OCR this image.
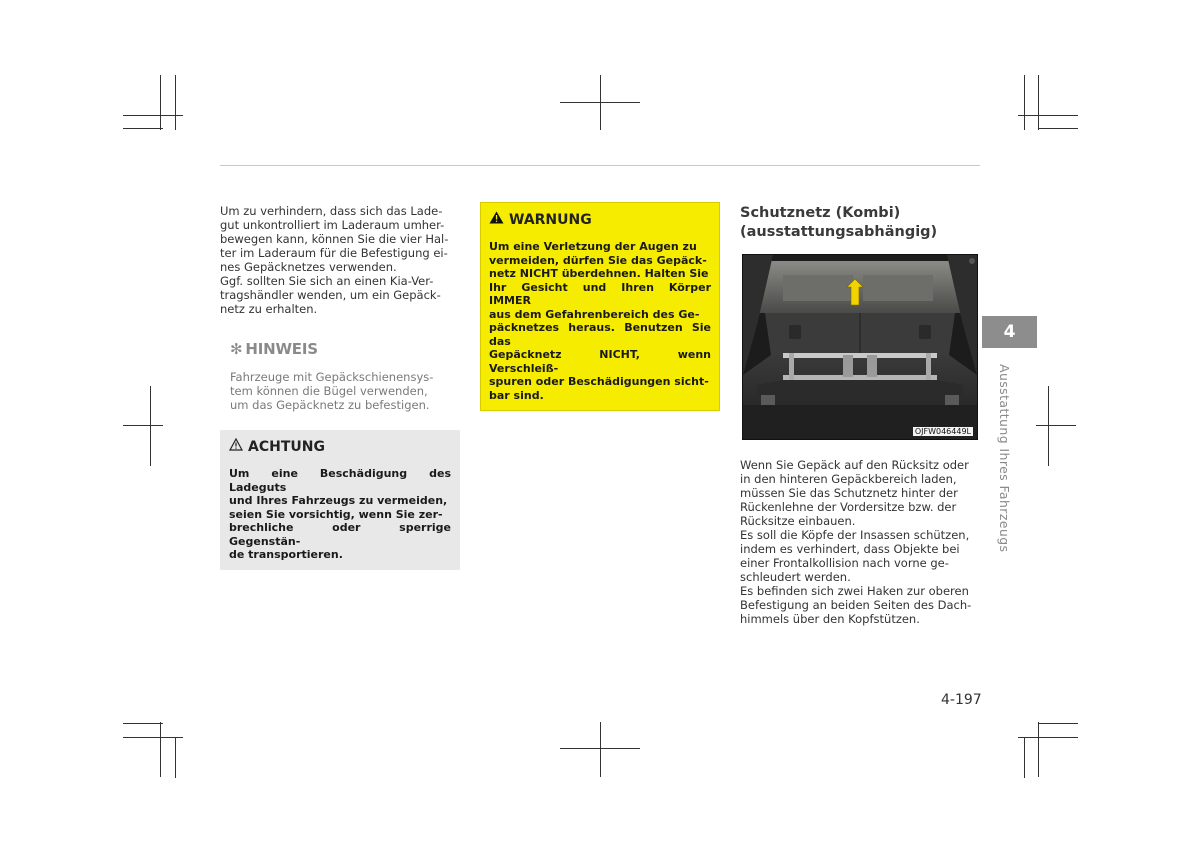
Um zu verhindern, dass sich das Lade-
gut unkontrolliert im Laderaum umher-
bewegen kann, können Sie die vier Hal-
ter im Laderaum für die Befestigung ei-
nes Gepäcknetzes verwenden.
Ggf. sollten Sie sich an einen Kia-Ver-
tragshändler wenden, um ein Gepäck-
netz zu erhalten.

✻ HINWEIS

Fahrzeuge mit Gepäckschienensys-
tem können die Bügel verwenden,
um das Gepäcknetz zu befestigen.

ACHTUNG

Um eine Beschädigung des Ladeguts
und Ihres Fahrzeugs zu vermeiden,
seien Sie vorsichtig, wenn Sie zer-
brechliche oder sperrige Gegenstän-
de transportieren.

WARNUNG

Um eine Verletzung der Augen zu
vermeiden, dürfen Sie das Gepäck-
netz NICHT überdehnen. Halten Sie
Ihr Gesicht und Ihren Körper IMMER
aus dem Gefahrenbereich des Ge-
päcknetzes heraus. Benutzen Sie das
Gepäcknetz NICHT, wenn Verschleiß-
spuren oder Beschädigungen sicht-
bar sind.

Schutznetz (Kombi)
(ausstattungsabhängig)
OJFW046449L

Wenn Sie Gepäck auf den Rücksitz oder
in den hinteren Gepäckbereich laden,
müssen Sie das Schutznetz hinter der
Rückenlehne der Vordersitze bzw. der
Rücksitze einbauen.
Es soll die Köpfe der Insassen schützen,
indem es verhindert, dass Objekte bei
einer Frontalkollision nach vorne ge-
schleudert werden.
Es befinden sich zwei Haken zur oberen
Befestigung an beiden Seiten des Dach-
himmels über den Kopfstützen.

4
Ausstattung Ihres Fahrzeugs
4-197
